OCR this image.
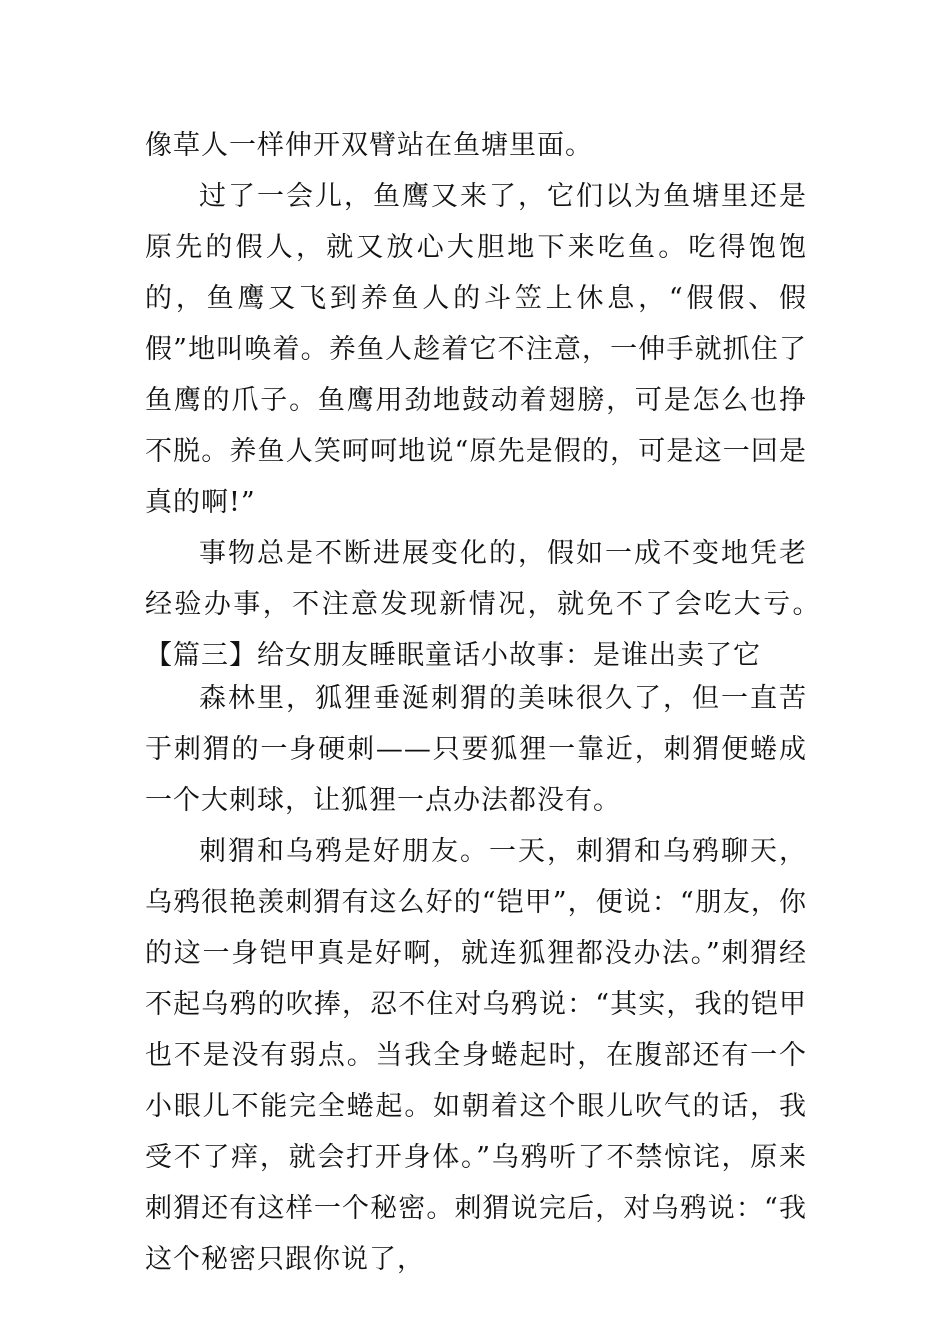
像草人一样伸开双臂站在鱼塘里面。

过了一会儿，鱼鹰又来了，它们以为鱼塘里还是原先的假人，就又放心大胆地下来吃鱼。吃得饱饱的，鱼鹰又飞到养鱼人的斗笠上休息，“假假、假假”地叫唤着。养鱼人趁着它不注意，一伸手就抓住了鱼鹰的爪子。鱼鹰用劲地鼓动着翅膀，可是怎么也挣不脱。养鱼人笑呵呵地说“原先是假的，可是这一回是真的啊!”

事物总是不断进展变化的，假如一成不变地凭老经验办事，不注意发现新情况，就免不了会吃大亏。　　【篇三】给女朋友睡眠童话小故事：是谁出卖了它

森林里，狐狸垂涎刺猬的美味很久了，但一直苦于刺猬的一身硬刺——只要狐狸一靠近，刺猬便蜷成一个大刺球，让狐狸一点办法都没有。

刺猬和乌鸦是好朋友。一天，刺猬和乌鸦聊天，乌鸦很艳羡刺猬有这么好的“铠甲”，便说：“朋友，你的这一身铠甲真是好啊，就连狐狸都没办法。”刺猬经不起乌鸦的吹捧，忍不住对乌鸦说：“其实，我的铠甲也不是没有弱点。当我全身蜷起时，在腹部还有一个小眼儿不能完全蜷起。如朝着这个眼儿吹气的话，我受不了痒，就会打开身体。”乌鸦听了不禁惊诧，原来刺猬还有这样一个秘密。刺猬说完后，对乌鸦说：“我这个秘密只跟你说了，
